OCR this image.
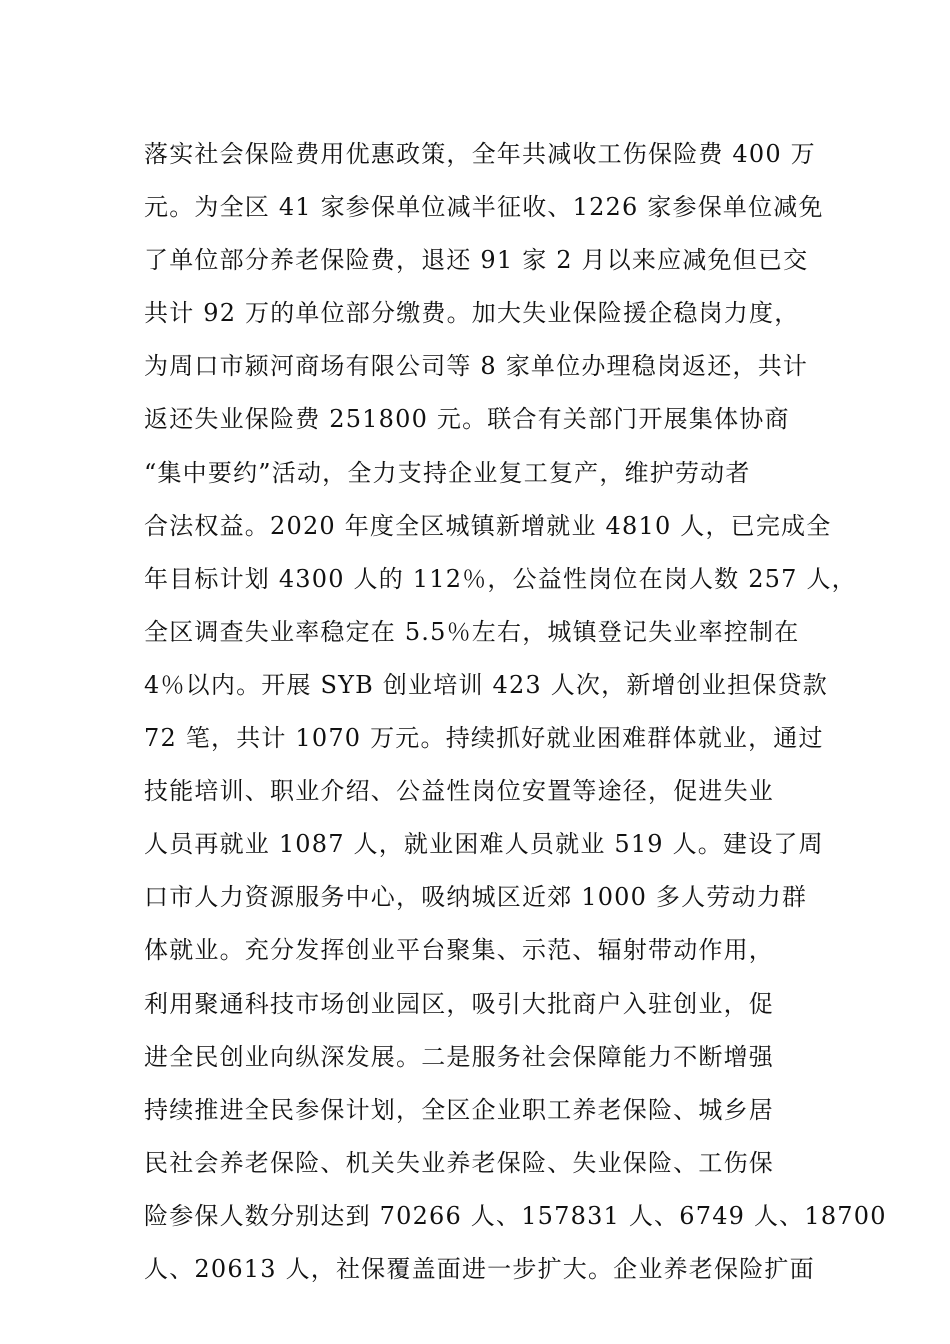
落实社会保险费用优惠政策，全年共减收工伤保险费 400 万
元。为全区 41 家参保单位减半征收、1226 家参保单位减免
了单位部分养老保险费，退还 91 家 2 月以来应减免但已交
共计 92 万的单位部分缴费。加大失业保险援企稳岗力度，
为周口市颍河商场有限公司等 8 家单位办理稳岗返还，共计
返还失业保险费 251800 元。联合有关部门开展集体协商
“集中要约”活动，全力支持企业复工复产，维护劳动者
合法权益。2020 年度全区城镇新增就业 4810 人，已完成全
年目标计划 4300 人的 112％，公益性岗位在岗人数 257 人，
全区调查失业率稳定在 5.5％左右，城镇登记失业率控制在
4％以内。开展 SYB 创业培训 423 人次，新增创业担保贷款
72 笔，共计 1070 万元。持续抓好就业困难群体就业，通过
技能培训、职业介绍、公益性岗位安置等途径，促进失业
人员再就业 1087 人，就业困难人员就业 519 人。建设了周
口市人力资源服务中心，吸纳城区近郊 1000 多人劳动力群
体就业。充分发挥创业平台聚集、示范、辐射带动作用，
利用聚通科技市场创业园区，吸引大批商户入驻创业，促
进全民创业向纵深发展。二是服务社会保障能力不断增强
持续推进全民参保计划，全区企业职工养老保险、城乡居
民社会养老保险、机关失业养老保险、失业保险、工伤保
险参保人数分别达到 70266 人、157831 人、6749 人、18700
人、20613 人，社保覆盖面进一步扩大。企业养老保险扩面
